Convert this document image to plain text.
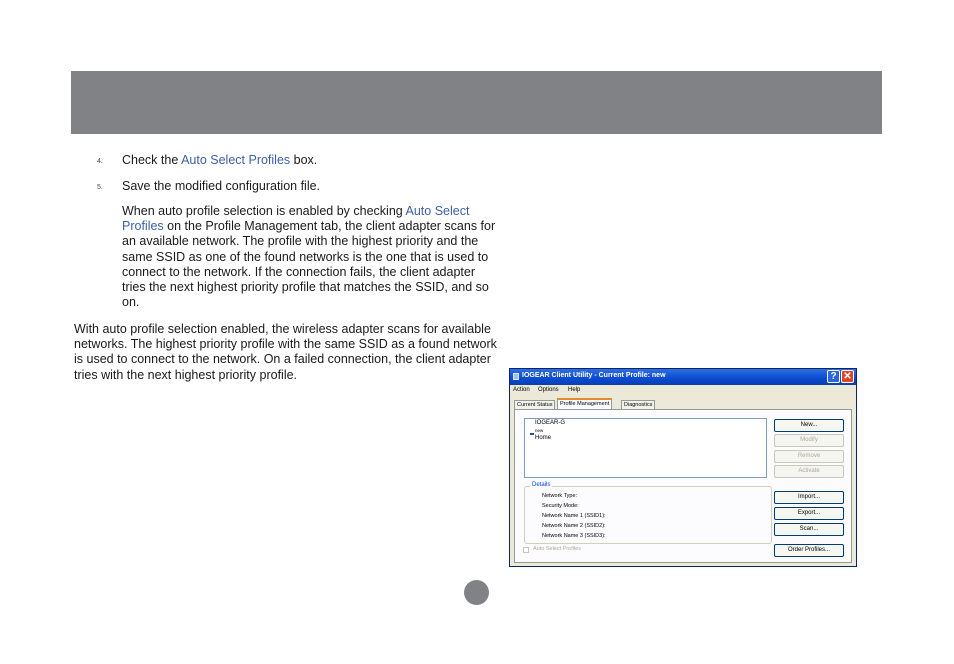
4. Check the Auto Select Profiles box.
5. Save the modified configuration file.

When auto profile selection is enabled by checking Auto Select Profiles on the Profile Management tab, the client adapter scans for an available network. The profile with the highest priority and the same SSID as one of the found networks is the one that is used to connect to the network. If the connection fails, the client adapter tries the next highest priority profile that matches the SSID, and so on.

With auto profile selection enabled, the wireless adapter scans for available networks. The highest priority profile with the same SSID as a found network is used to connect to the network. On a failed connection, the client adapter tries with the next highest priority profile.	IOGEAR Client Utility - Current Profile: new	? ✕
Action Options Help
Current Status	Profile Management	Diagnostics
IOGEAR-G
new
Home
New...
Modify
Remove
Activate
Details
Network Type:
Security Mode:
Network Name 1 (SSID1):
Network Name 2 (SSID2):
Network Name 3 (SSID3):
Import...
Export...
Scan...
Auto Select Profiles	Order Profiles...
